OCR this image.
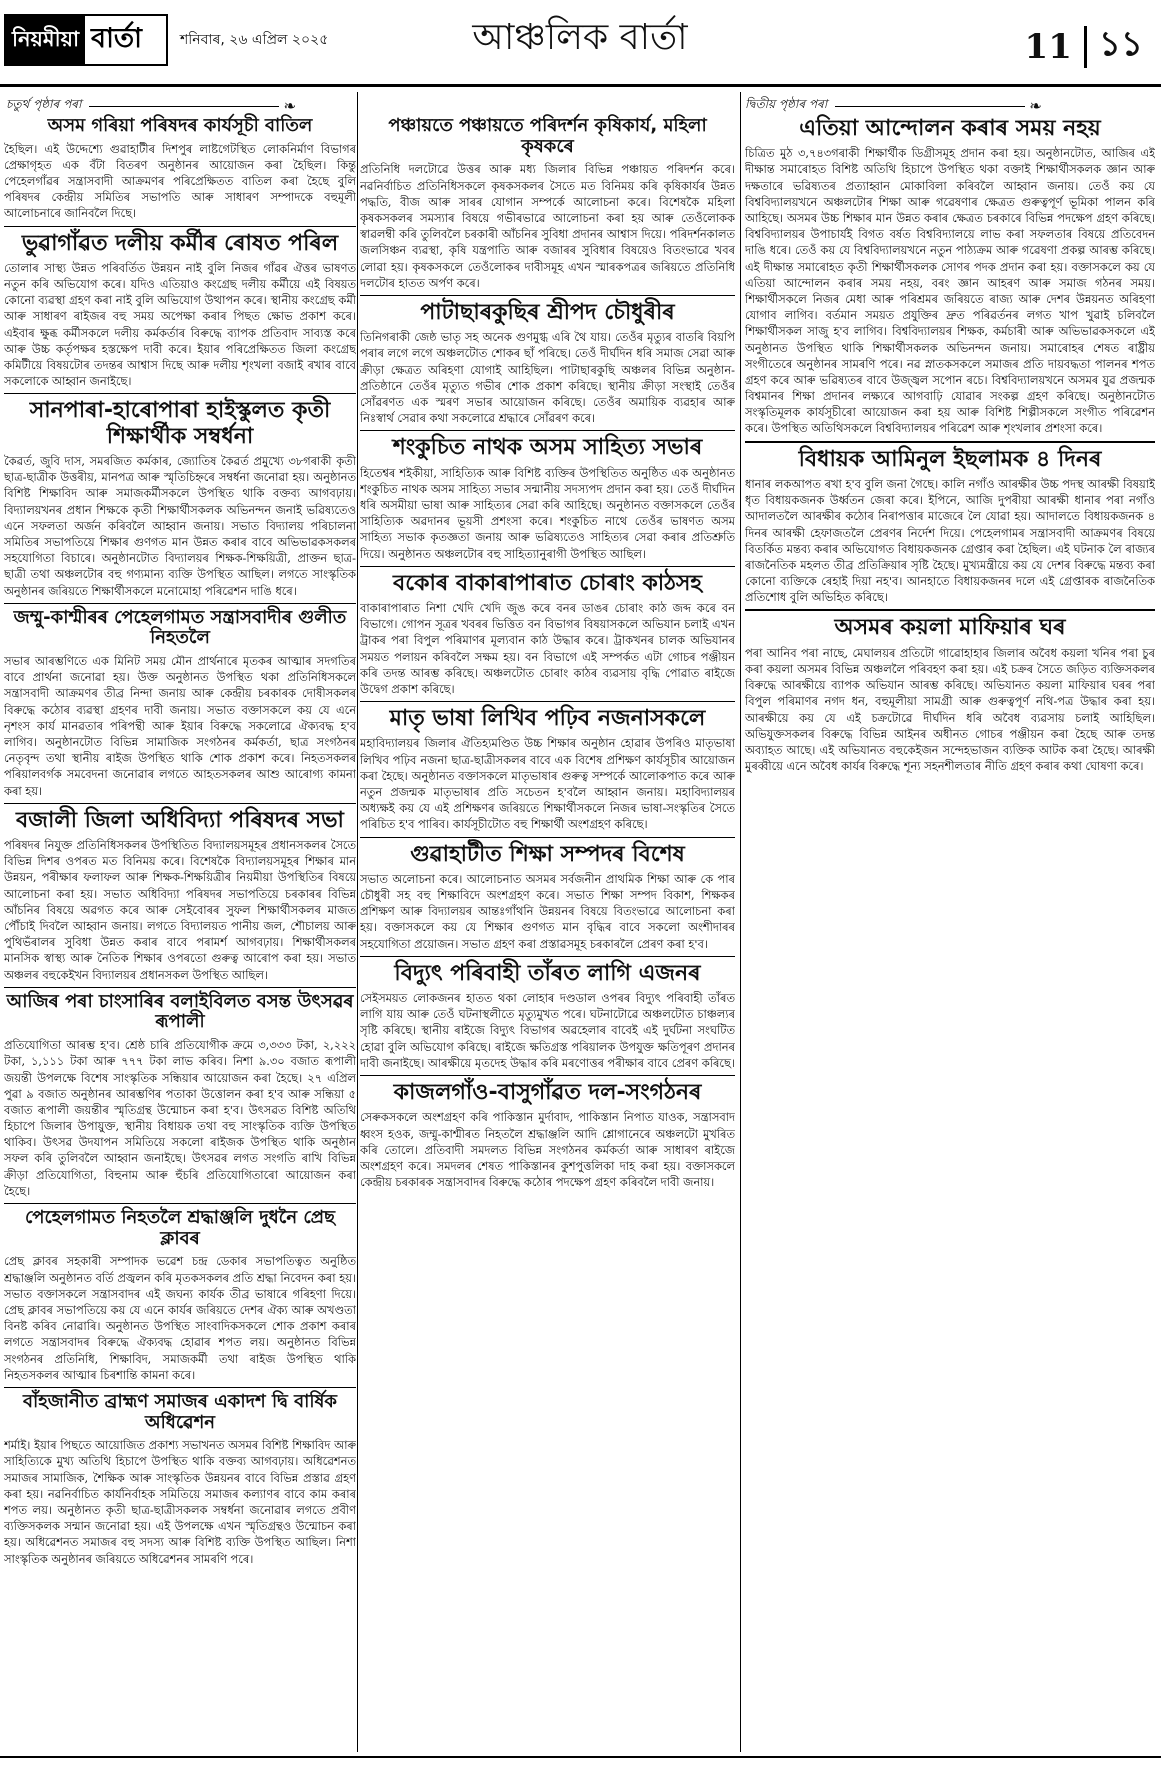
নিয়মীয়া বাৰ্তা	শনিবাৰ, ২৬ এপ্ৰিল ২০২৫	আঞ্চলিক বাৰ্তা	11 ১১
চতুৰ্থ পৃষ্ঠাৰ পৰা	❧	দ্বিতীয় পৃষ্ঠাৰ পৰা	❧
অসম গৰিয়া পৰিষদৰ কাৰ্যসূচী বাতিল

হৈছিল। এই উদ্দেশ্যে গুৱাহাটীৰ দিশপুৰ লাষ্টগেটস্থিত লোকনিৰ্মাণ বিভাগৰ প্ৰেক্ষাগৃহত এক বঁটা বিতৰণ অনুষ্ঠানৰ আয়োজন কৰা হৈছিল। কিন্তু পেহেলগাঁৱৰ সন্ত্ৰাসবাদী আক্ৰমণৰ পৰিপ্ৰেক্ষিতত বাতিল কৰা হৈছে বুলি পৰিষদৰ কেন্দ্ৰীয় সমিতিৰ সভাপতি আৰু সাধাৰণ সম্পাদকে বহুমূলী আলোচনাৰে জানিবলৈ দিছে।

ভুৱাগাঁৱত দলীয় কৰ্মীৰ ৰোষত পৰিল

তোলাৰ সাস্থ্য উন্নত পৰিবৰ্তিত উন্নয়ন নাই বুলি নিজৰ গাঁৱৰ ঐত্তৰ ভাষণত নতুন কৰি অভিযোগ কৰে। যদিও এতিয়াও কংগ্ৰেছ দলীয় কৰ্মীয়ে এই বিষয়ত কোনো ব্যৱস্থা গ্ৰহণ কৰা নাই বুলি অভিযোগ উত্থাপন কৰে। স্থানীয় কংগ্ৰেছ কৰ্মী আৰু সাধাৰণ ৰাইজৰ বহু সময় অপেক্ষা কৰাৰ পিছত ক্ষোভ প্ৰকাশ কৰে। এইবাৰ ক্ষুব্ধ কৰ্মীসকলে দলীয় কৰ্মকৰ্তাৰ বিৰুদ্ধে ব্যাপক প্ৰতিবাদ সাব্যস্ত কৰে আৰু উচ্চ কৰ্তৃপক্ষৰ হস্তক্ষেপ দাবী কৰে। ইয়াৰ পৰিপ্ৰেক্ষিতত জিলা কংগ্ৰেছ কমিটীয়ে বিষয়টোৰ তদন্তৰ আশ্বাস দিছে আৰু দলীয় শৃংখলা বজাই ৰখাৰ বাবে সকলোকে আহ্বান জনাইছে।

সানপাৰা-হাৰোপাৰা হাইস্কুলত কৃতী শিক্ষাৰ্থীক সম্বৰ্ধনা

কৈৱৰ্ত, জুবি দাস, সমৰজিত কৰ্মকাৰ, জ্যোতিষ কৈৱৰ্ত প্ৰমুখ্যে ৩৮গৰাকী কৃতী ছাত্ৰ-ছাত্ৰীক উত্তৰীয়, মানপত্ৰ আৰু স্মৃতিচিহ্নৰে সম্বৰ্ধনা জনোৱা হয়। অনুষ্ঠানত বিশিষ্ট শিক্ষাবিদ আৰু সমাজকৰ্মীসকলে উপস্থিত থাকি বক্তব্য আগবঢ়ায়। বিদ্যালয়খনৰ প্ৰধান শিক্ষকে কৃতী শিক্ষাৰ্থীসকলক অভিনন্দন জনাই ভৱিষ্যতেও এনে সফলতা অৰ্জন কৰিবলৈ আহ্বান জনায়। সভাত বিদ্যালয় পৰিচালনা সমিতিৰ সভাপতিয়ে শিক্ষাৰ গুণগত মান উন্নত কৰাৰ বাবে অভিভাৱকসকলৰ সহযোগিতা বিচাৰে। অনুষ্ঠানটোত বিদ্যালয়ৰ শিক্ষক-শিক্ষয়িত্ৰী, প্ৰাক্তন ছাত্ৰ-ছাত্ৰী তথা অঞ্চলটোৰ বহু গণ্যমান্য ব্যক্তি উপস্থিত আছিল। লগতে সাংস্কৃতিক অনুষ্ঠানৰ জৰিয়তে শিক্ষাৰ্থীসকলে মনোমোহা পৰিৱেশন দাঙি ধৰে।

জম্মু-কাশ্মীৰৰ পেহেলগামত সন্ত্ৰাসবাদীৰ গুলীত নিহতলৈ

সভাৰ আৰম্ভণিতে এক মিনিট সময় মৌন প্ৰাৰ্থনাৰে মৃতকৰ আত্মাৰ সদগতিৰ বাবে প্ৰাৰ্থনা জনোৱা হয়। উক্ত অনুষ্ঠানত উপস্থিত থকা প্ৰতিনিধিসকলে সন্ত্ৰাসবাদী আক্ৰমণৰ তীব্ৰ নিন্দা জনায় আৰু কেন্দ্ৰীয় চৰকাৰক দোষীসকলৰ বিৰুদ্ধে কঠোৰ ব্যৱস্থা গ্ৰহণৰ দাবী জনায়। সভাত বক্তাসকলে কয় যে এনে নৃশংস কাৰ্য মানৱতাৰ পৰিপন্থী আৰু ইয়াৰ বিৰুদ্ধে সকলোৱে ঐক্যবদ্ধ হ'ব লাগিব। অনুষ্ঠানটোত বিভিন্ন সামাজিক সংগঠনৰ কৰ্মকৰ্তা, ছাত্ৰ সংগঠনৰ নেতৃবৃন্দ তথা স্থানীয় ৰাইজ উপস্থিত থাকি শোক প্ৰকাশ কৰে। নিহতসকলৰ পৰিয়ালবৰ্গক সমবেদনা জনোৱাৰ লগতে আহতসকলৰ আশু আৰোগ্য কামনা কৰা হয়।

বজালী জিলা অধিবিদ্যা পৰিষদৰ সভা

পৰিষদৰ নিযুক্ত প্ৰতিনিধিসকলৰ উপস্থিতিত বিদ্যালয়সমূহৰ প্ৰধানসকলৰ সৈতে বিভিন্ন দিশৰ ওপৰত মত বিনিময় কৰে। বিশেষকৈ বিদ্যালয়সমূহৰ শিক্ষাৰ মান উন্নয়ন, পৰীক্ষাৰ ফলাফল আৰু শিক্ষক-শিক্ষয়িত্ৰীৰ নিয়মীয়া উপস্থিতিৰ বিষয়ে আলোচনা কৰা হয়। সভাত অধিবিদ্যা পৰিষদৰ সভাপতিয়ে চৰকাৰৰ বিভিন্ন আঁচনিৰ বিষয়ে অৱগত কৰে আৰু সেইবোৰৰ সুফল শিক্ষাৰ্থীসকলৰ মাজত পৌঁচাই দিবলৈ আহ্বান জনায়। লগতে বিদ্যালয়ত পানীয় জল, শৌচালয় আৰু পুথিভঁৰালৰ সুবিধা উন্নত কৰাৰ বাবে পৰামৰ্শ আগবঢ়ায়। শিক্ষাৰ্থীসকলৰ মানসিক স্বাস্থ্য আৰু নৈতিক শিক্ষাৰ ওপৰতো গুৰুত্ব আৰোপ কৰা হয়। সভাত অঞ্চলৰ বহুকেইখন বিদ্যালয়ৰ প্ৰধানসকল উপস্থিত আছিল।

আজিৰ পৰা চাংসাৰিৰ বলাইবিলত বসন্ত উৎসৱৰ ৰূপালী

প্ৰতিযোগিতা আৰম্ভ হ'ব। শ্ৰেষ্ঠ চাৰি প্ৰতিযোগীক ক্ৰমে ৩,৩৩৩ টকা, ২,২২২ টকা, ১,১১১ টকা আৰু ৭৭৭ টকা লাভ কৰিব। নিশা ৯.৩০ বজাত ৰূপালী জয়ন্তী উপলক্ষে বিশেষ সাংস্কৃতিক সন্ধিয়াৰ আয়োজন কৰা হৈছে। ২৭ এপ্ৰিল পুৱা ৯ বজাত অনুষ্ঠানৰ আৰম্ভণিৰ পতাকা উত্তোলন কৰা হ'ব আৰু সন্ধিয়া ৫ বজাত ৰূপালী জয়ন্তীৰ স্মৃতিগ্ৰন্থ উন্মোচন কৰা হ'ব। উৎসৱত বিশিষ্ট অতিথি হিচাপে জিলাৰ উপায়ুক্ত, স্থানীয় বিধায়ক তথা বহু সাংস্কৃতিক ব্যক্তি উপস্থিত থাকিব। উৎসৱ উদযাপন সমিতিয়ে সকলো ৰাইজক উপস্থিত থাকি অনুষ্ঠান সফল কৰি তুলিবলৈ আহ্বান জনাইছে। উৎসৱৰ লগত সংগতি ৰাখি বিভিন্ন ক্ৰীড়া প্ৰতিযোগিতা, বিহুনাম আৰু হুঁচৰি প্ৰতিযোগিতাৰো আয়োজন কৰা হৈছে।

পেহেলগামত নিহতলৈ শ্ৰদ্ধাঞ্জলি দুধনৈ প্ৰেছ ক্লাবৰ

প্ৰেছ ক্লাবৰ সহকাৰী সম্পাদক ভৱেশ চন্দ্ৰ ডেকাৰ সভাপতিত্বত অনুষ্ঠিত শ্ৰদ্ধাঞ্জলি অনুষ্ঠানত বৰ্তি প্ৰজ্বলন কৰি মৃতকসকলৰ প্ৰতি শ্ৰদ্ধা নিবেদন কৰা হয়। সভাত বক্তাসকলে সন্ত্ৰাসবাদৰ এই জঘন্য কাৰ্যক তীব্ৰ ভাষাৰে গৰিহণা দিয়ে। প্ৰেছ ক্লাবৰ সভাপতিয়ে কয় যে এনে কাৰ্যৰ জৰিয়তে দেশৰ ঐক্য আৰু অখণ্ডতা বিনষ্ট কৰিব নোৱাৰি। অনুষ্ঠানত উপস্থিত সাংবাদিকসকলে শোক প্ৰকাশ কৰাৰ লগতে সন্ত্ৰাসবাদৰ বিৰুদ্ধে ঐক্যবদ্ধ হোৱাৰ শপত লয়। অনুষ্ঠানত বিভিন্ন সংগঠনৰ প্ৰতিনিধি, শিক্ষাবিদ, সমাজকৰ্মী তথা ৰাইজ উপস্থিত থাকি নিহতসকলৰ আত্মাৰ চিৰশান্তি কামনা কৰে।

বাঁহজানীত ব্ৰাহ্মণ সমাজৰ একাদশ দ্বি বাৰ্ষিক অধিৱেশন

শৰ্মাই। ইয়াৰ পিছতে আয়োজিত প্ৰকাশ্য সভাখনত অসমৰ বিশিষ্ট শিক্ষাবিদ আৰু সাহিত্যিকে মুখ্য অতিথি হিচাপে উপস্থিত থাকি বক্তব্য আগবঢ়ায়। অধিৱেশনত সমাজৰ সামাজিক, শৈক্ষিক আৰু সাংস্কৃতিক উন্নয়নৰ বাবে বিভিন্ন প্ৰস্তাৱ গ্ৰহণ কৰা হয়। নৱনিৰ্বাচিত কাৰ্যনিৰ্বাহক সমিতিয়ে সমাজৰ কল্যাণৰ বাবে কাম কৰাৰ শপত লয়। অনুষ্ঠানত কৃতী ছাত্ৰ-ছাত্ৰীসকলক সম্বৰ্ধনা জনোৱাৰ লগতে প্ৰবীণ ব্যক্তিসকলক সন্মান জনোৱা হয়। এই উপলক্ষে এখন স্মৃতিগ্ৰন্থও উন্মোচন কৰা হয়। অধিৱেশনত সমাজৰ বহু সদস্য আৰু বিশিষ্ট ব্যক্তি উপস্থিত আছিল। নিশা সাংস্কৃতিক অনুষ্ঠানৰ জৰিয়তে অধিৱেশনৰ সামৰণি পৰে।

পঞ্চায়তে পঞ্চায়তে পৰিদৰ্শন কৃষিকাৰ্য, মহিলা কৃষকৰে

প্ৰতিনিধি দলটোৱে উত্তৰ আৰু মধ্য জিলাৰ বিভিন্ন পঞ্চায়ত পৰিদৰ্শন কৰে। নৱনিৰ্বাচিত প্ৰতিনিধিসকলে কৃষকসকলৰ সৈতে মত বিনিময় কৰি কৃষিকাৰ্যৰ উন্নত পদ্ধতি, বীজ আৰু সাৰৰ যোগান সম্পৰ্কে আলোচনা কৰে। বিশেষকৈ মহিলা কৃষকসকলৰ সমস্যাৰ বিষয়ে গভীৰভাৱে আলোচনা কৰা হয় আৰু তেওঁলোকক স্বাৱলম্বী কৰি তুলিবলৈ চৰকাৰী আঁচনিৰ সুবিধা প্ৰদানৰ আশ্বাস দিয়ে। পৰিদৰ্শনকালত জলসিঞ্চন ব্যৱস্থা, কৃষি যন্ত্ৰপাতি আৰু বজাৰৰ সুবিধাৰ বিষয়েও বিতংভাৱে খবৰ লোৱা হয়। কৃষকসকলে তেওঁলোকৰ দাবীসমূহ এখন স্মাৰকপত্ৰৰ জৰিয়তে প্ৰতিনিধি দলটোৰ হাতত অৰ্পণ কৰে।

পাটাছাৰকুছিৰ শ্ৰীপদ চৌধুৰীৰ

তিনিগৰাকী জেষ্ঠ ভাতৃ সহ অনেক গুণমুগ্ধ এৰি থৈ যায়। তেওঁৰ মৃত্যুৰ বাতৰি বিয়পি পৰাৰ লগে লগে অঞ্চলটোত শোকৰ ছাঁ পৰিছে। তেওঁ দীৰ্ঘদিন ধৰি সমাজ সেৱা আৰু ক্ৰীড়া ক্ষেত্ৰত অৰিহণা যোগাই আহিছিল। পাটাছাৰকুছি অঞ্চলৰ বিভিন্ন অনুষ্ঠান-প্ৰতিষ্ঠানে তেওঁৰ মৃত্যুত গভীৰ শোক প্ৰকাশ কৰিছে। স্থানীয় ক্ৰীড়া সংস্থাই তেওঁৰ সোঁৱৰণত এক স্মৰণ সভাৰ আয়োজন কৰিছে। তেওঁৰ অমায়িক ব্যৱহাৰ আৰু নিঃস্বাৰ্থ সেৱাৰ কথা সকলোৱে শ্ৰদ্ধাৰে সোঁৱৰণ কৰে।

শংকুচিত নাথক অসম সাহিত্য সভাৰ

হিতেশ্বৰ শইকীয়া, সাহিত্যিক আৰু বিশিষ্ট ব্যক্তিৰ উপস্থিতিত অনুষ্ঠিত এক অনুষ্ঠানত শংকুচিত নাথক অসম সাহিত্য সভাৰ সন্মানীয় সদস্যপদ প্ৰদান কৰা হয়। তেওঁ দীৰ্ঘদিন ধৰি অসমীয়া ভাষা আৰু সাহিত্যৰ সেৱা কৰি আহিছে। অনুষ্ঠানত বক্তাসকলে তেওঁৰ সাহিত্যিক অৱদানৰ ভূয়সী প্ৰশংসা কৰে। শংকুচিত নাথে তেওঁৰ ভাষণত অসম সাহিত্য সভাক কৃতজ্ঞতা জনায় আৰু ভৱিষ্যতেও সাহিত্যৰ সেৱা কৰাৰ প্ৰতিশ্ৰুতি দিয়ে। অনুষ্ঠানত অঞ্চলটোৰ বহু সাহিত্যানুৰাগী উপস্থিত আছিল।

বকোৰ বাকাৰাপাৰাত চোৰাং কাঠসহ

বাকাৰাপাৰাত নিশা খেদি খেদি জুঙ কৰে বনৰ ডাঙৰ চোৰাং কাঠ জব্দ কৰে বন বিভাগে। গোপন সূত্ৰৰ খবৰৰ ভিত্তিত বন বিভাগৰ বিষয়াসকলে অভিযান চলাই এখন ট্ৰাকৰ পৰা বিপুল পৰিমাণৰ মূল্যবান কাঠ উদ্ধাৰ কৰে। ট্ৰাকখনৰ চালক অভিযানৰ সময়ত পলায়ন কৰিবলৈ সক্ষম হয়। বন বিভাগে এই সম্পৰ্কত এটা গোচৰ পঞ্জীয়ন কৰি তদন্ত আৰম্ভ কৰিছে। অঞ্চলটোত চোৰাং কাঠৰ ব্যৱসায় বৃদ্ধি পোৱাত ৰাইজে উদ্বেগ প্ৰকাশ কৰিছে।

মাতৃ ভাষা লিখিব পঢ়িব নজনাসকলে

মহাবিদ্যালয়ৰ জিলাৰ ঐতিহ্যমণ্ডিত উচ্চ শিক্ষাৰ অনুষ্ঠান হোৱাৰ উপৰিও মাতৃভাষা লিখিব পঢ়িব নজনা ছাত্ৰ-ছাত্ৰীসকলৰ বাবে এক বিশেষ প্ৰশিক্ষণ কাৰ্যসূচীৰ আয়োজন কৰা হৈছে। অনুষ্ঠানত বক্তাসকলে মাতৃভাষাৰ গুৰুত্ব সম্পৰ্কে আলোকপাত কৰে আৰু নতুন প্ৰজন্মক মাতৃভাষাৰ প্ৰতি সচেতন হ'বলৈ আহ্বান জনায়। মহাবিদ্যালয়ৰ অধ্যক্ষই কয় যে এই প্ৰশিক্ষণৰ জৰিয়তে শিক্ষাৰ্থীসকলে নিজৰ ভাষা-সংস্কৃতিৰ সৈতে পৰিচিত হ'ব পাৰিব। কাৰ্যসূচীটোত বহু শিক্ষাৰ্থী অংশগ্ৰহণ কৰিছে।

গুৱাহাটীত শিক্ষা সম্পদৰ বিশেষ

সভাত অলোচনা কৰে। আলোচনাত অসমৰ সৰ্বজনীন প্ৰাথমিক শিক্ষা আৰু কে পাৰ চৌধুৰী সহ বহু শিক্ষাবিদে অংশগ্ৰহণ কৰে। সভাত শিক্ষা সম্পদ বিকাশ, শিক্ষকৰ প্ৰশিক্ষণ আৰু বিদ্যালয়ৰ আন্তঃগাঁথনি উন্নয়নৰ বিষয়ে বিতংভাৱে আলোচনা কৰা হয়। বক্তাসকলে কয় যে শিক্ষাৰ গুণগত মান বৃদ্ধিৰ বাবে সকলো অংশীদাৰৰ সহযোগিতা প্ৰয়োজন। সভাত গ্ৰহণ কৰা প্ৰস্তাৱসমূহ চৰকাৰলৈ প্ৰেৰণ কৰা হ'ব।

বিদ্যুৎ পৰিবাহী তাঁৰত লাগি এজনৰ

সেইসময়ত লোকজনৰ হাতত থকা লোহাৰ দণ্ডডাল ওপৰৰ বিদ্যুৎ পৰিবাহী তাঁৰত লাগি যায় আৰু তেওঁ ঘটনাস্থলীতে মৃত্যুমুখত পৰে। ঘটনাটোৱে অঞ্চলটোত চাঞ্চল্যৰ সৃষ্টি কৰিছে। স্থানীয় ৰাইজে বিদ্যুৎ বিভাগৰ অৱহেলাৰ বাবেই এই দুৰ্ঘটনা সংঘটিত হোৱা বুলি অভিযোগ কৰিছে। ৰাইজে ক্ষতিগ্ৰস্ত পৰিয়ালক উপযুক্ত ক্ষতিপূৰণ প্ৰদানৰ দাবী জনাইছে। আৰক্ষীয়ে মৃতদেহ উদ্ধাৰ কৰি মৰণোত্তৰ পৰীক্ষাৰ বাবে প্ৰেৰণ কৰিছে।

কাজলগাঁও-বাসুগাঁৱত দল-সংগঠনৰ

সেৰুকসকলে অংশগ্ৰহণ কৰি পাকিস্তান মুৰ্দাবাদ, পাকিস্তান নিপাত যাওক, সন্ত্ৰাসবাদ ধ্বংস হওক, জম্মু-কাশ্মীৰত নিহতলৈ শ্ৰদ্ধাঞ্জলি আদি শ্লোগানেৰে অঞ্চলটো মুখৰিত কৰি তোলে। প্ৰতিবাদী সমদলত বিভিন্ন সংগঠনৰ কৰ্মকৰ্তা আৰু সাধাৰণ ৰাইজে অংশগ্ৰহণ কৰে। সমদলৰ শেষত পাকিস্তানৰ কুশপুত্তলিকা দাহ কৰা হয়। বক্তাসকলে কেন্দ্ৰীয় চৰকাৰক সন্ত্ৰাসবাদৰ বিৰুদ্ধে কঠোৰ পদক্ষেপ গ্ৰহণ কৰিবলৈ দাবী জনায়।

এতিয়া আন্দোলন কৰাৰ সময় নহয়

চিত্ৰিত মুঠ ৩,৭৪৩গৰাকী শিক্ষাৰ্থীক ডিগ্ৰীসমূহ প্ৰদান কৰা হয়। অনুষ্ঠানটোত, আজিৰ এই দীক্ষান্ত সমাৰোহত বিশিষ্ট অতিথি হিচাপে উপস্থিত থকা বক্তাই শিক্ষাৰ্থীসকলক জ্ঞান আৰু দক্ষতাৰে ভৱিষ্যতৰ প্ৰত্যাহ্বান মোকাবিলা কৰিবলৈ আহ্বান জনায়। তেওঁ কয় যে বিশ্ববিদ্যালয়খনে অঞ্চলটোৰ শিক্ষা আৰু গৱেষণাৰ ক্ষেত্ৰত গুৰুত্বপূৰ্ণ ভূমিকা পালন কৰি আহিছে। অসমৰ উচ্চ শিক্ষাৰ মান উন্নত কৰাৰ ক্ষেত্ৰত চৰকাৰে বিভিন্ন পদক্ষেপ গ্ৰহণ কৰিছে। বিশ্ববিদ্যালয়ৰ উপাচাৰ্যই বিগত বৰ্ষত বিশ্ববিদ্যালয়ে লাভ কৰা সফলতাৰ বিষয়ে প্ৰতিবেদন দাঙি ধৰে। তেওঁ কয় যে বিশ্ববিদ্যালয়খনে নতুন পাঠ্যক্ৰম আৰু গৱেষণা প্ৰকল্প আৰম্ভ কৰিছে। এই দীক্ষান্ত সমাৰোহত কৃতী শিক্ষাৰ্থীসকলক সোণৰ পদক প্ৰদান কৰা হয়। বক্তাসকলে কয় যে এতিয়া আন্দোলন কৰাৰ সময় নহয়, বৰং জ্ঞান আহৰণ আৰু সমাজ গঠনৰ সময়। শিক্ষাৰ্থীসকলে নিজৰ মেধা আৰু পৰিশ্ৰমৰ জৰিয়তে ৰাজ্য আৰু দেশৰ উন্নয়নত অৰিহণা যোগাব লাগিব। বৰ্তমান সময়ত প্ৰযুক্তিৰ দ্ৰুত পৰিৱৰ্তনৰ লগত খাপ খুৱাই চলিবলৈ শিক্ষাৰ্থীসকল সাজু হ'ব লাগিব। বিশ্ববিদ্যালয়ৰ শিক্ষক, কৰ্মচাৰী আৰু অভিভাৱকসকলে এই অনুষ্ঠানত উপস্থিত থাকি শিক্ষাৰ্থীসকলক অভিনন্দন জনায়। সমাৰোহৰ শেষত ৰাষ্ট্ৰীয় সংগীতেৰে অনুষ্ঠানৰ সামৰণি পৰে। নৱ স্নাতকসকলে সমাজৰ প্ৰতি দায়বদ্ধতা পালনৰ শপত গ্ৰহণ কৰে আৰু ভৱিষ্যতৰ বাবে উজ্জ্বল সপোন ৰচে। বিশ্ববিদ্যালয়খনে অসমৰ যুৱ প্ৰজন্মক বিশ্বমানৰ শিক্ষা প্ৰদানৰ লক্ষ্যৰে আগবাঢ়ি যোৱাৰ সংকল্প গ্ৰহণ কৰিছে। অনুষ্ঠানটোত সংস্কৃতিমূলক কাৰ্যসূচীৰো আয়োজন কৰা হয় আৰু বিশিষ্ট শিল্পীসকলে সংগীত পৰিৱেশন কৰে। উপস্থিত অতিথিসকলে বিশ্ববিদ্যালয়ৰ পৰিৱেশ আৰু শৃংখলাৰ প্ৰশংসা কৰে।

বিধায়ক আমিনুল ইছলামক ৪ দিনৰ

ধানাৰ লকআপত ৰখা হ'ব বুলি জনা গৈছে। কালি নগাঁও আৰক্ষীৰ উচ্চ পদস্থ আৰক্ষী বিষয়াই ধৃত বিধায়কজনক উৰ্ধ্বতন জেৰা কৰে। ইপিনে, আজি দুপৰীয়া আৰক্ষী ধানাৰ পৰা নগাঁও আদালতলৈ আৰক্ষীৰ কঠোৰ নিৰাপত্তাৰ মাজেৰে লৈ যোৱা হয়। আদালতে বিধায়কজনক ৪ দিনৰ আৰক্ষী হেফাজতলৈ প্ৰেৰণৰ নিৰ্দেশ দিয়ে। পেহেলগামৰ সন্ত্ৰাসবাদী আক্ৰমণৰ বিষয়ে বিতৰ্কিত মন্তব্য কৰাৰ অভিযোগত বিধায়কজনক গ্ৰেপ্তাৰ কৰা হৈছিল। এই ঘটনাক লৈ ৰাজ্যৰ ৰাজনৈতিক মহলত তীব্ৰ প্ৰতিক্ৰিয়াৰ সৃষ্টি হৈছে। মুখ্যমন্ত্ৰীয়ে কয় যে দেশৰ বিৰুদ্ধে মন্তব্য কৰা কোনো ব্যক্তিকে ৰেহাই দিয়া নহ'ব। আনহাতে বিধায়কজনৰ দলে এই গ্ৰেপ্তাৰক ৰাজনৈতিক প্ৰতিশোধ বুলি অভিহিত কৰিছে।

অসমৰ কয়লা মাফিয়াৰ ঘৰ

পৰা আনিব পৰা নাছে, মেঘালয়ৰ প্ৰতিটো গাৱোহাহাৰ জিলাৰ অবৈধ কয়লা খনিৰ পৰা চুৰ কৰা কয়লা অসমৰ বিভিন্ন অঞ্চললৈ পৰিবহণ কৰা হয়। এই চক্ৰৰ সৈতে জড়িত ব্যক্তিসকলৰ বিৰুদ্ধে আৰক্ষীয়ে ব্যাপক অভিযান আৰম্ভ কৰিছে। অভিযানত কয়লা মাফিয়াৰ ঘৰৰ পৰা বিপুল পৰিমাণৰ নগদ ধন, বহুমূলীয়া সামগ্ৰী আৰু গুৰুত্বপূৰ্ণ নথি-পত্ৰ উদ্ধাৰ কৰা হয়। আৰক্ষীয়ে কয় যে এই চক্ৰটোৱে দীৰ্ঘদিন ধৰি অবৈধ ব্যৱসায় চলাই আহিছিল। অভিযুক্তসকলৰ বিৰুদ্ধে বিভিন্ন আইনৰ অধীনত গোচৰ পঞ্জীয়ন কৰা হৈছে আৰু তদন্ত অব্যাহত আছে। এই অভিযানত বহুকেইজন সন্দেহভাজন ব্যক্তিক আটক কৰা হৈছে। আৰক্ষী মুৰব্বীয়ে এনে অবৈধ কাৰ্যৰ বিৰুদ্ধে শূন্য সহনশীলতাৰ নীতি গ্ৰহণ কৰাৰ কথা ঘোষণা কৰে।
